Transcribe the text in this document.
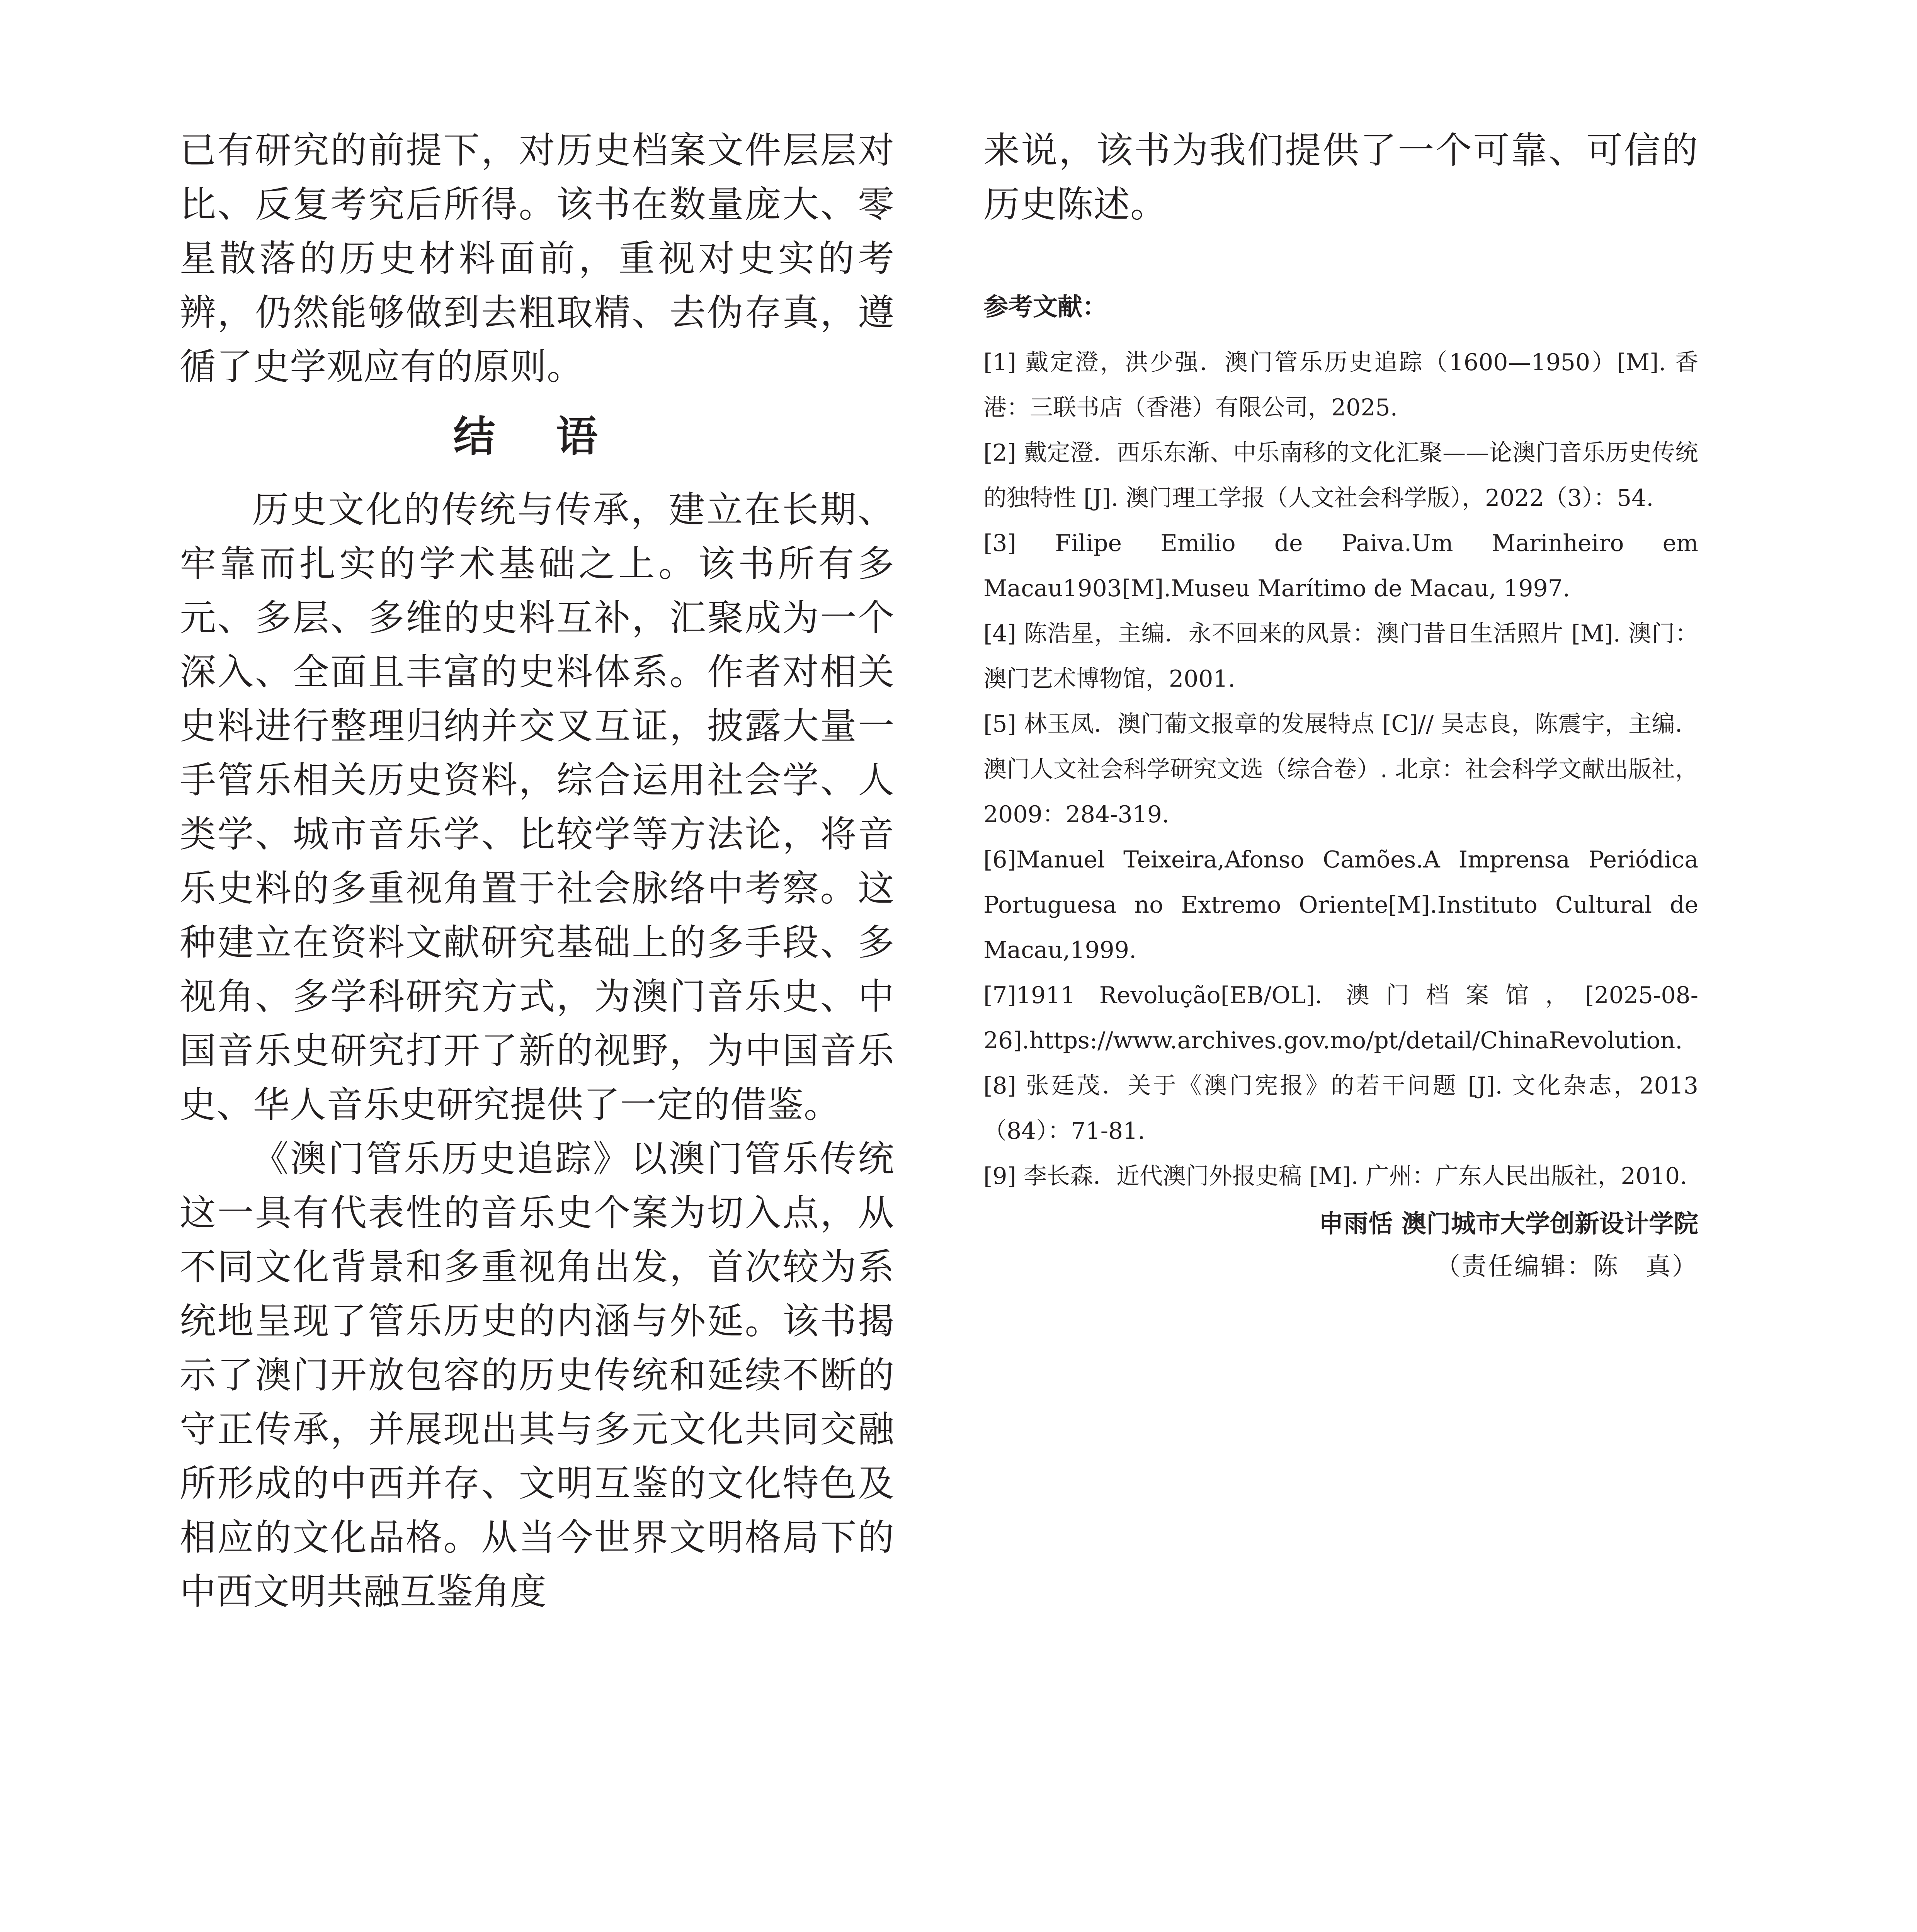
已有研究的前提下，对历史档案文件层层对比、反复考究后所得。该书在数量庞大、零星散落的历史材料面前，重视对史实的考辨，仍然能够做到去粗取精、去伪存真，遵循了史学观应有的原则。

结 语

历史文化的传统与传承，建立在长期、牢靠而扎实的学术基础之上。该书所有多元、多层、多维的史料互补，汇聚成为一个深入、全面且丰富的史料体系。作者对相关史料进行整理归纳并交叉互证，披露大量一手管乐相关历史资料，综合运用社会学、人类学、城市音乐学、比较学等方法论，将音乐史料的多重视角置于社会脉络中考察。这种建立在资料文献研究基础上的多手段、多视角、多学科研究方式，为澳门音乐史、中国音乐史研究打开了新的视野，为中国音乐史、华人音乐史研究提供了一定的借鉴。

《澳门管乐历史追踪》以澳门管乐传统这一具有代表性的音乐史个案为切入点，从不同文化背景和多重视角出发，首次较为系统地呈现了管乐历史的内涵与外延。该书揭示了澳门开放包容的历史传统和延续不断的守正传承，并展现出其与多元文化共同交融所形成的中西并存、文明互鉴的文化特色及相应的文化品格。从当今世界文明格局下的中西文明共融互鉴角度

来说，该书为我们提供了一个可靠、可信的历史陈述。

参考文献：

[1] 戴定澄，洪少强．澳门管乐历史追踪（1600—1950）[M]. 香港：三联书店（香港）有限公司，2025.

[2] 戴定澄．西乐东渐、中乐南移的文化汇聚——论澳门音乐历史传统的独特性 [J]. 澳门理工学报（人文社会科学版），2022（3）：54.

[3] Filipe Emilio de Paiva.Um Marinheiro em Macau1903[M].Museu Marítimo de Macau, 1997.

[4] 陈浩星，主编．永不回来的风景：澳门昔日生活照片 [M]. 澳门：澳门艺术博物馆，2001.

[5] 林玉凤．澳门葡文报章的发展特点 [C]// 吴志良，陈震宇，主编．澳门人文社会科学研究文选（综合卷）. 北京：社会科学文献出版社，2009：284-319.

[6]Manuel Teixeira,Afonso Camões.A Imprensa Periódica Portuguesa no Extremo Oriente[M].Instituto Cultural de Macau,1999.

[7]1911 Revolução[EB/OL]. 澳门档案馆，[2025-08-26].https://www.archives.gov.mo/pt/detail/ChinaRevolution.

[8] 张廷茂．关于《澳门宪报》的若干问题 [J]. 文化杂志，2013（84）：71-81.

[9] 李长森．近代澳门外报史稿 [M]. 广州：广东人民出版社，2010.

申雨恬 澳门城市大学创新设计学院
（责任编辑：陈　真）
